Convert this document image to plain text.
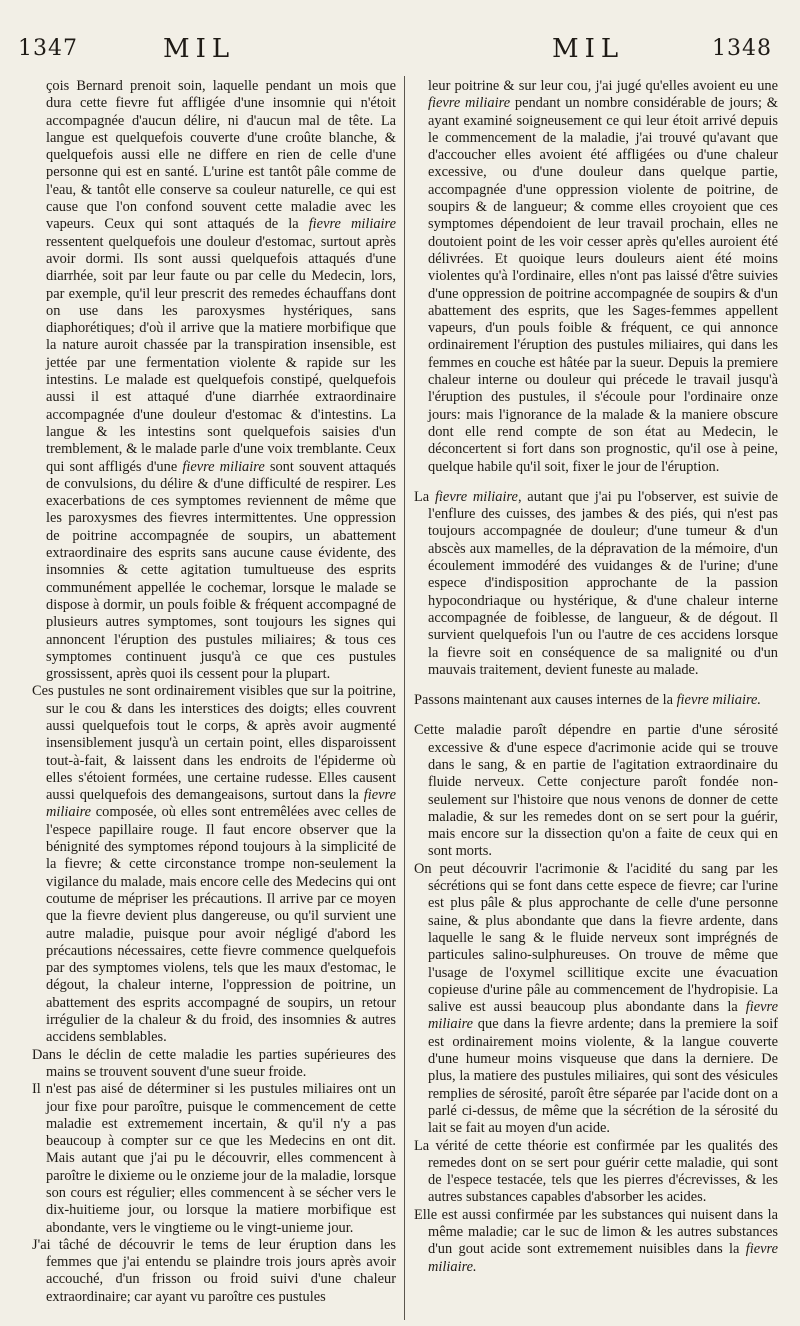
1347	MIL	MIL	1348

çois Bernard prenoit soin, laquelle pendant un mois que dura cette fievre fut affligée d'une insomnie qui n'étoit accompagnée d'aucun délire, ni d'aucun mal de tête. La langue est quelquefois couverte d'une croûte blanche, & quelquefois aussi elle ne differe en rien de celle d'une personne qui est en santé. L'urine est tantôt pâle comme de l'eau, & tantôt elle conserve sa couleur naturelle, ce qui est cause que l'on confond souvent cette maladie avec les vapeurs. Ceux qui sont attaqués de la fievre miliaire ressentent quelquefois une douleur d'estomac, surtout après avoir dormi. Ils sont aussi quelquefois attaqués d'une diarrhée, soit par leur faute ou par celle du Medecin, lors, par exemple, qu'il leur prescrit des remedes échauffans dont on use dans les paroxysmes hystériques, sans diaphorétiques; d'où il arrive que la matiere morbifique que la nature auroit chassée par la transpiration insensible, est jettée par une fermentation violente & rapide sur les intestins. Le malade est quelquefois constipé, quelquefois aussi il est attaqué d'une diarrhée extraordinaire accompagnée d'une douleur d'estomac & d'intestins. La langue & les intestins sont quelquefois saisies d'un tremblement, & le malade parle d'une voix tremblante. Ceux qui sont affligés d'une fievre miliaire sont souvent attaqués de convulsions, du délire & d'une difficulté de respirer. Les exacerbations de ces symptomes reviennent de même que les paroxysmes des fievres intermittentes. Une oppression de poitrine accompagnée de soupirs, un abattement extraordinaire des esprits sans aucune cause évidente, des insomnies & cette agitation tumultueuse des esprits communément appellée le cochemar, lorsque le malade se dispose à dormir, un pouls foible & fréquent accompagné de plusieurs autres symptomes, sont toujours les signes qui annoncent l'éruption des pustules miliaires; & tous ces symptomes continuent jusqu'à ce que ces pustules grossissent, après quoi ils cessent pour la plupart.

Ces pustules ne sont ordinairement visibles que sur la poitrine, sur le cou & dans les interstices des doigts; elles couvrent aussi quelquefois tout le corps, & après avoir augmenté insensiblement jusqu'à un certain point, elles disparoissent tout-à-fait, & laissent dans les endroits de l'épiderme où elles s'étoient formées, une certaine rudesse. Elles causent aussi quelquefois des demangeaisons, surtout dans la fievre miliaire composée, où elles sont entremêlées avec celles de l'espece papillaire rouge. Il faut encore observer que la bénignité des symptomes répond toujours à la simplicité de la fievre; & cette circonstance trompe non-seulement la vigilance du malade, mais encore celle des Medecins qui ont coutume de mépriser les précautions. Il arrive par ce moyen que la fievre devient plus dangereuse, ou qu'il survient une autre maladie, puisque pour avoir négligé d'abord les précautions nécessaires, cette fievre commence quelquefois par des symptomes violens, tels que les maux d'estomac, le dégout, la chaleur interne, l'oppression de poitrine, un abattement des esprits accompagné de soupirs, un retour irrégulier de la chaleur & du froid, des insomnies & autres accidens semblables.

Dans le déclin de cette maladie les parties supérieures des mains se trouvent souvent d'une sueur froide.

Il n'est pas aisé de déterminer si les pustules miliaires ont un jour fixe pour paroître, puisque le commencement de cette maladie est extremement incertain, & qu'il n'y a pas beaucoup à compter sur ce que les Medecins en ont dit. Mais autant que j'ai pu le découvrir, elles commencent à paroître le dixieme ou le onzieme jour de la maladie, lorsque son cours est régulier; elles commencent à se sécher vers le dix-huitieme jour, ou lorsque la matiere morbifique est abondante, vers le vingtieme ou le vingt-unieme jour.

J'ai tâché de découvrir le tems de leur éruption dans les femmes que j'ai entendu se plaindre trois jours après avoir accouché, d'un frisson ou froid suivi d'une chaleur extraordinaire; car ayant vu paroître ces pustules

leur poitrine & sur leur cou, j'ai jugé qu'elles avoient eu une fievre miliaire pendant un nombre considérable de jours; & ayant examiné soigneusement ce qui leur étoit arrivé depuis le commencement de la maladie, j'ai trouvé qu'avant que d'accoucher elles avoient été affligées ou d'une chaleur excessive, ou d'une douleur dans quelque partie, accompagnée d'une oppression violente de poitrine, de soupirs & de langueur; & comme elles croyoient que ces symptomes dépendoient de leur travail prochain, elles ne doutoient point de les voir cesser après qu'elles auroient été délivrées. Et quoique leurs douleurs aient été moins violentes qu'à l'ordinaire, elles n'ont pas laissé d'être suivies d'une oppression de poitrine accompagnée de soupirs & d'un abattement des esprits, que les Sages-femmes appellent vapeurs, d'un pouls foible & fréquent, ce qui annonce ordinairement l'éruption des pustules miliaires, qui dans les femmes en couche est hâtée par la sueur. Depuis la premiere chaleur interne ou douleur qui précede le travail jusqu'à l'éruption des pustules, il s'écoule pour l'ordinaire onze jours: mais l'ignorance de la malade & la maniere obscure dont elle rend compte de son état au Medecin, le déconcertent si fort dans son prognostic, qu'il ose à peine, quelque habile qu'il soit, fixer le jour de l'éruption.

La fievre miliaire, autant que j'ai pu l'observer, est suivie de l'enflure des cuisses, des jambes & des piés, qui n'est pas toujours accompagnée de douleur; d'une tumeur & d'un abscès aux mamelles, de la dépravation de la mémoire, d'un écoulement immodéré des vuidanges & de l'urine; d'une espece d'indisposition approchante de la passion hypocondriaque ou hystérique, & d'une chaleur interne accompagnée de foiblesse, de langueur, & de dégout. Il survient quelquefois l'un ou l'autre de ces accidens lorsque la fievre soit en conséquence de sa malignité ou d'un mauvais traitement, devient funeste au malade.

Passons maintenant aux causes internes de la fievre miliaire.

Cette maladie paroît dépendre en partie d'une sérosité excessive & d'une espece d'acrimonie acide qui se trouve dans le sang, & en partie de l'agitation extraordinaire du fluide nerveux. Cette conjecture paroît fondée non-seulement sur l'histoire que nous venons de donner de cette maladie, & sur les remedes dont on se sert pour la guérir, mais encore sur la dissection qu'on a faite de ceux qui en sont morts.

On peut découvrir l'acrimonie & l'acidité du sang par les sécrétions qui se font dans cette espece de fievre; car l'urine est plus pâle & plus approchante de celle d'une personne saine, & plus abondante que dans la fievre ardente, dans laquelle le sang & le fluide nerveux sont imprégnés de particules salino-sulphureuses. On trouve de même que l'usage de l'oxymel scillitique excite une évacuation copieuse d'urine pâle au commencement de l'hydropisie. La salive est aussi beaucoup plus abondante dans la fievre miliaire que dans la fievre ardente; dans la premiere la soif est ordinairement moins violente, & la langue couverte d'une humeur moins visqueuse que dans la derniere. De plus, la matiere des pustules miliaires, qui sont des vésicules remplies de sérosité, paroît être séparée par l'acide dont on a parlé ci-dessus, de même que la sécrétion de la sérosité du lait se fait au moyen d'un acide.

La vérité de cette théorie est confirmée par les qualités des remedes dont on se sert pour guérir cette maladie, qui sont de l'espece testacée, tels que les pierres d'écrevisses, & les autres substances capables d'absorber les acides.

Elle est aussi confirmée par les substances qui nuisent dans la même maladie; car le suc de limon & les autres substances d'un gout acide sont extremement nuisibles dans la fievre miliaire.
